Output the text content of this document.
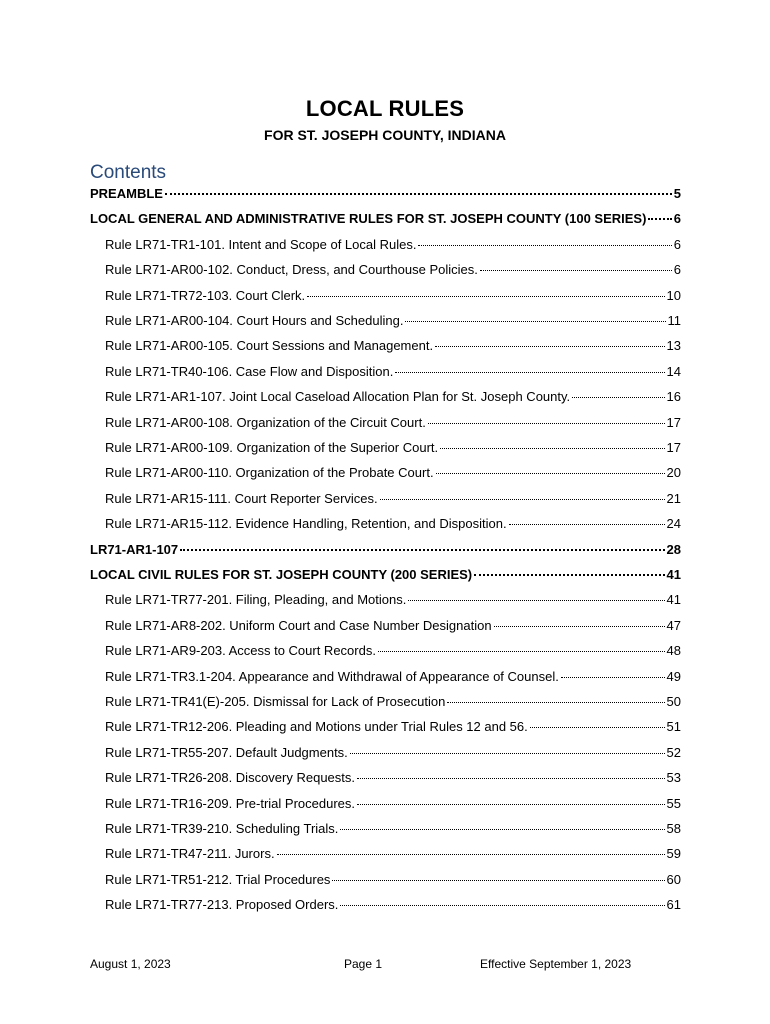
LOCAL RULES
FOR ST. JOSEPH COUNTY, INDIANA
Contents
PREAMBLE	5
LOCAL GENERAL AND ADMINISTRATIVE RULES FOR ST. JOSEPH COUNTY (100 SERIES) 6
Rule LR71-TR1-101. Intent and Scope of Local Rules.	6
Rule LR71-AR00-102. Conduct, Dress, and Courthouse Policies.	6
Rule LR71-TR72-103. Court Clerk.	10
Rule LR71-AR00-104. Court Hours and Scheduling.	11
Rule LR71-AR00-105. Court Sessions and Management.	13
Rule LR71-TR40-106. Case Flow and Disposition.	14
Rule LR71-AR1-107. Joint Local Caseload Allocation Plan for St. Joseph County.	16
Rule LR71-AR00-108. Organization of the Circuit Court.	17
Rule LR71-AR00-109. Organization of the Superior Court.	17
Rule LR71-AR00-110. Organization of the Probate Court.	20
Rule LR71-AR15-111. Court Reporter Services.	21
Rule LR71-AR15-112. Evidence Handling, Retention, and Disposition.	24
LR71-AR1-107	28
LOCAL CIVIL RULES FOR ST. JOSEPH COUNTY (200 SERIES)	41
Rule LR71-TR77-201. Filing, Pleading, and Motions.	41
Rule LR71-AR8-202. Uniform Court and Case Number Designation	47
Rule LR71-AR9-203. Access to Court Records.	48
Rule LR71-TR3.1-204. Appearance and Withdrawal of Appearance of Counsel.	49
Rule LR71-TR41(E)-205. Dismissal for Lack of Prosecution	50
Rule LR71-TR12-206. Pleading and Motions under Trial Rules 12 and 56.	51
Rule LR71-TR55-207. Default Judgments.	52
Rule LR71-TR26-208. Discovery Requests.	53
Rule LR71-TR16-209. Pre-trial Procedures.	55
Rule LR71-TR39-210. Scheduling Trials.	58
Rule LR71-TR47-211. Jurors.	59
Rule LR71-TR51-212. Trial Procedures	60
Rule LR71-TR77-213. Proposed Orders.	61
August 1, 2023	Page 1	Effective September 1, 2023
